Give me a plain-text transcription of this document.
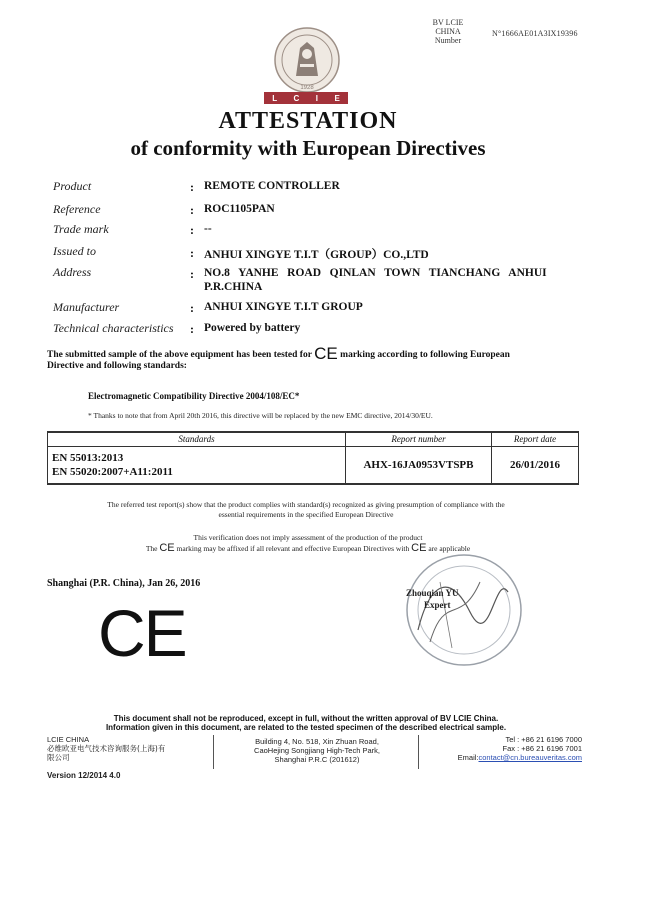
BV LCIE
CHINA
Number
N°1666AE01A3IX19396
1928
L C I E
ATTESTATION
of conformity with European Directives
Product	: REMOTE CONTROLLER
Reference	: ROC1105PAN
Trade mark	: --
Issued to	: ANHUI XINGYE T.I.T（GROUP）CO.,LTD
Address	: NO.8   YANHE   ROAD   QINLAN   TOWN   TIANCHANG   ANHUI
P.R.CHINA
Manufacturer	: ANHUI XINGYE T.I.T GROUP
Technical characteristics : Powered by battery
The submitted sample of the above equipment has been tested for CE marking according to following European
Directive and following standards:
Electromagnetic Compatibility Directive 2004/108/EC*
* Thanks to note that from April 20th 2016, this directive will be replaced by the new EMC directive, 2014/30/EU.
Standards	Report number	Report date

EN 55013:2013
EN 55020:2007+A11:2011	AHX-16JA0953VTSPB	26/01/2016
The referred test report(s) show that the product complies with standard(s) recognized as giving presumption of compliance with the
essential requirements in the specified European Directive
This verification does not imply assessment of the production of the product
The CE marking may be affixed if all relevant and effective European Directives with CE are applicable
Shanghai (P.R. China), Jan 26, 2016
CE
Zhouqian YU
Expert
This document shall not be reproduced, except in full, without the written approval of BV LCIE China.
Information given in this document, are related to the tested specimen of the described electrical sample.
LCIE CHINA
必维欧亚电气技术咨询服务(上海)有
限公司
Building 4, No. 518, Xin Zhuan Road,
CaoHejing Songjiang High-Tech Park,
Shanghai P.R.C (201612)
Tel : +86 21 6196 7000
Fax : +86 21 6196 7001
Email:contact@cn.bureauveritas.com
Version 12/2014 4.0
